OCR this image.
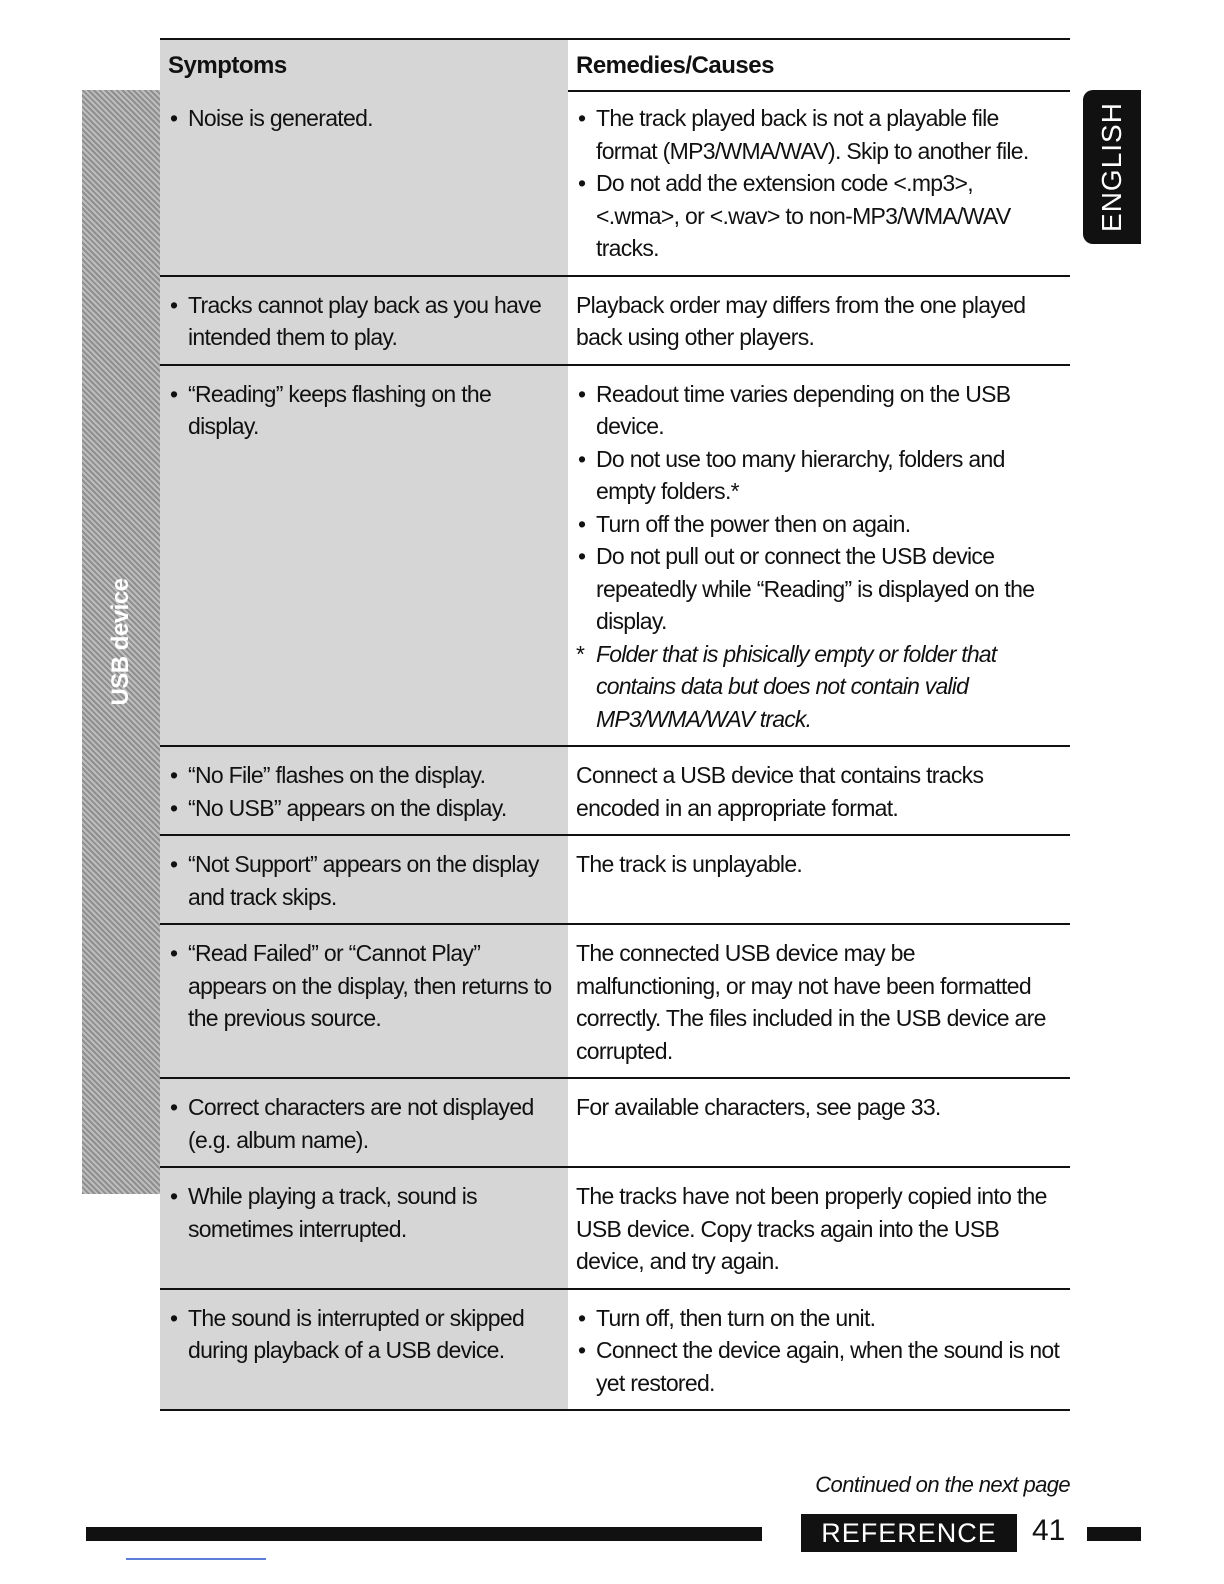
Symptoms	Remedies/Causes
USB device
• Noise is generated.
•	The track played back is not a playable file format (MP3/WMA/WAV). Skip to another file.
• Do not add the extension code <.mp3>, <.wma>, or <.wav> to non-MP3/WMA/WAV tracks.
• Tracks cannot play back as you have intended them to play.
Playback order may differs from the one played back using other players.
• “Reading” keeps flashing on the display.
• Readout time varies depending on the USB device.
• Do not use too many hierarchy, folders and empty folders.*
• Turn off the power then on again.
• Do not pull out or connect the USB device repeatedly while “Reading” is displayed on the display.
* Folder that is phisically empty or folder that contains data but does not contain valid MP3/WMA/WAV track.
• “No File” flashes on the display.
• “No USB” appears on the display.
Connect a USB device that contains tracks encoded in an appropriate format.
• “Not Support” appears on the display and track skips.
The track is unplayable.
• “Read Failed” or “Cannot Play” appears on the display, then returns to the previous source.
The connected USB device may be malfunctioning, or may not have been formatted correctly. The files included in the USB device are corrupted.
• Correct characters are not displayed (e.g. album name).
For available characters, see page 33.
• While playing a track, sound is sometimes interrupted.
The tracks have not been properly copied into the USB device. Copy tracks again into the USB device, and try again.
• The sound is interrupted or skipped during playback of a USB device.
• Turn off, then turn on the unit.
• Connect the device again, when the sound is not yet restored.
ENGLISH
Continued on the next page
REFERENCE	41
